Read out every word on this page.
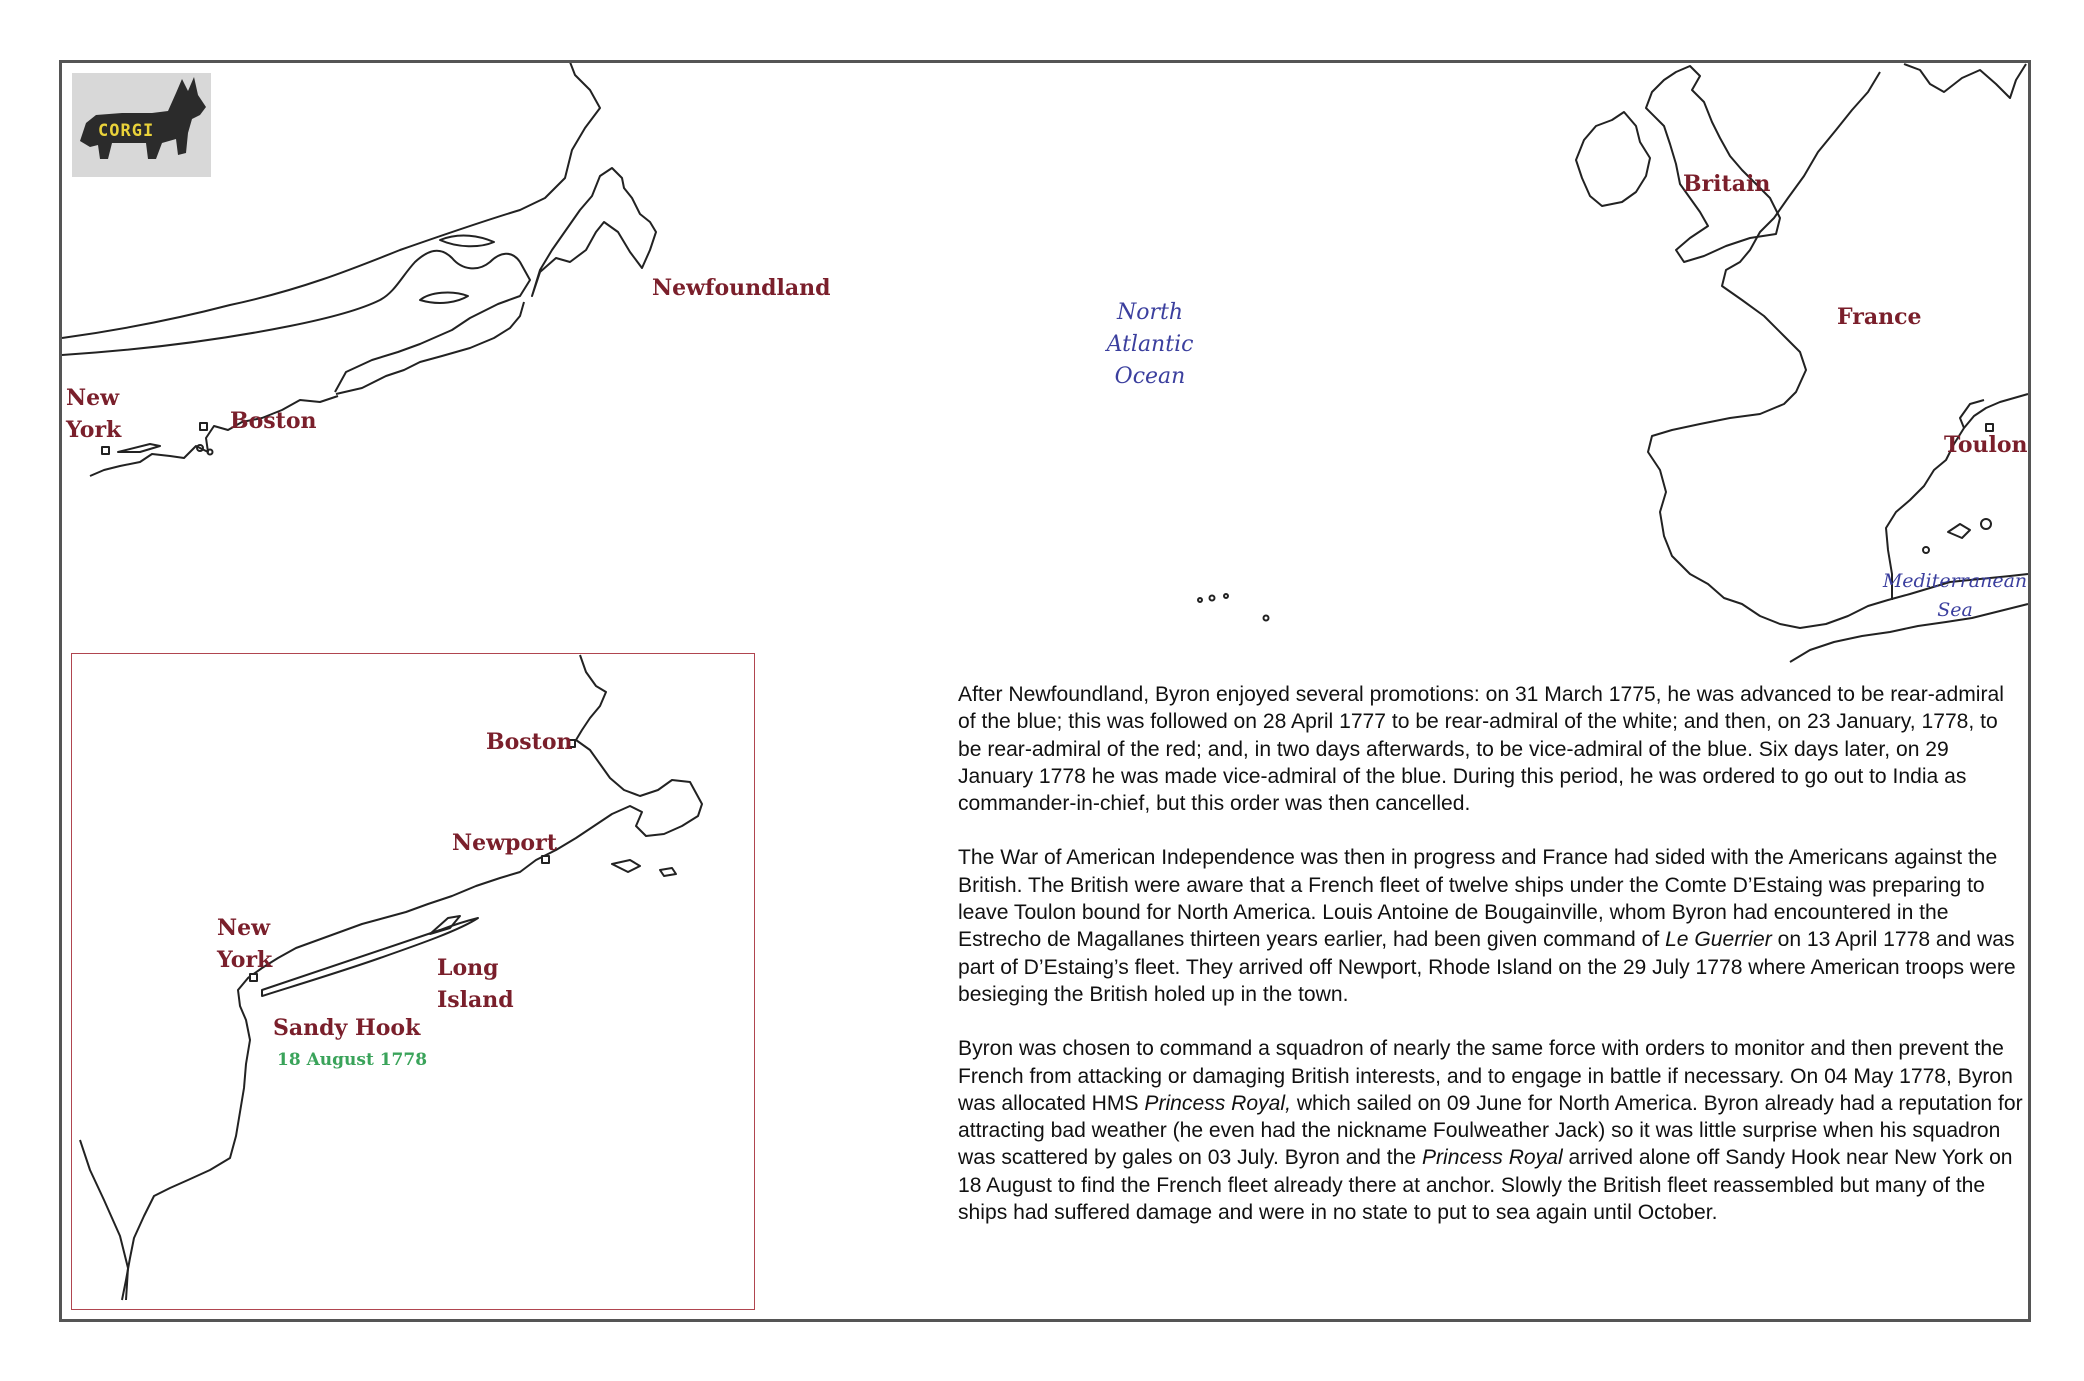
CORGI
Newfoundland
New
York	Boston
Britain
France
Toulon
North
Atlantic
Ocean
Mediterranean
Sea
Boston
Newport
New
York	Long
Island
Sandy Hook
18 August 1778

After Newfoundland, Byron enjoyed several promotions: on 31 March 1775, he was advanced to be rear-admiral of the blue; this was followed on 28 April 1777 to be rear-admiral of the white; and then, on 23 January, 1778, to be rear-admiral of the red; and, in two days afterwards, to be vice-admiral of the blue. Six days later, on 29 January 1778 he was made vice-admiral of the blue. During this period, he was ordered to go out to India as commander-in-chief, but this order was then cancelled.

The War of American Independence was then in progress and France had sided with the Americans against the British. The British were aware that a French fleet of twelve ships under the Comte D’Estaing was preparing to leave Toulon bound for North America. Louis Antoine de Bougainville, whom Byron had encountered in the Estrecho de Magallanes thirteen years earlier, had been given command of Le Guerrier on 13 April 1778 and was part of D’Estaing’s fleet. They arrived off Newport, Rhode Island on the 29 July 1778 where American troops were besieging the British holed up in the town.

Byron was chosen to command a squadron of nearly the same force with orders to monitor and then prevent the French from attacking or damaging British interests, and to engage in battle if necessary. On 04 May 1778, Byron was allocated HMS Princess Royal, which sailed on 09 June for North America. Byron already had a reputation for attracting bad weather (he even had the nickname Foulweather Jack) so it was little surprise when his squadron was scattered by gales on 03 July. Byron and the Princess Royal arrived alone off Sandy Hook near New York on 18 August to find the French fleet already there at anchor. Slowly the British fleet reassembled but many of the ships had suffered damage and were in no state to put to sea again until October.
